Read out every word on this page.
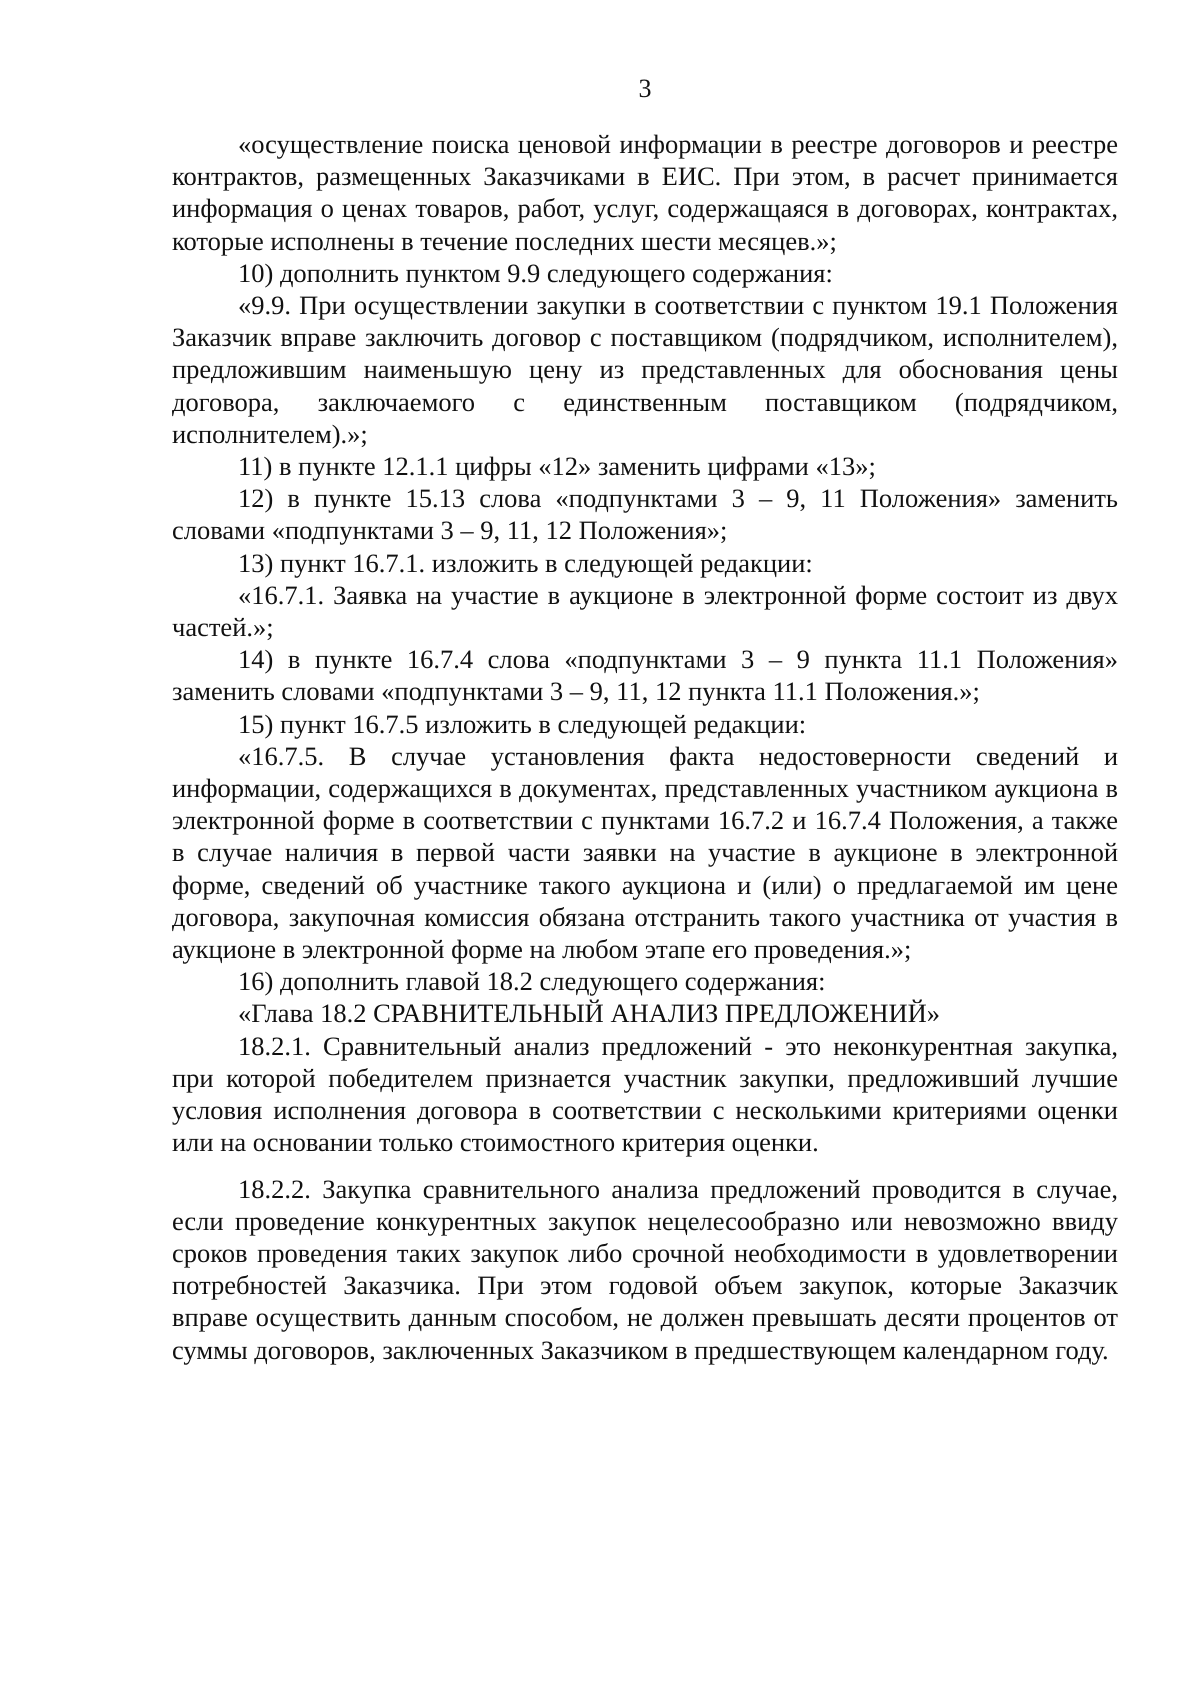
3

«осуществление поиска ценовой информации в реестре договоров и реестре контрактов, размещенных Заказчиками в ЕИС. При этом, в расчет принимается информация о ценах товаров, работ, услуг, содержащаяся в договорах, контрактах, которые исполнены в течение последних шести месяцев.»;

10) дополнить пунктом 9.9 следующего содержания:

«9.9. При осуществлении закупки в соответствии с пунктом 19.1 Положения Заказчик вправе заключить договор с поставщиком (подрядчиком, исполнителем), предложившим наименьшую цену из представленных для обоснования цены договора, заключаемого с единственным поставщиком (подрядчиком, исполнителем).»;

11) в пункте 12.1.1 цифры «12» заменить цифрами «13»;

12) в пункте 15.13 слова «подпунктами 3 – 9, 11 Положения» заменить словами «подпунктами 3 – 9, 11, 12 Положения»;

13) пункт 16.7.1. изложить в следующей редакции:

«16.7.1. Заявка на участие в аукционе в электронной форме состоит из двух частей.»;

14) в пункте 16.7.4 слова «подпунктами 3 – 9 пункта 11.1 Положения» заменить словами «подпунктами 3 – 9, 11, 12 пункта 11.1 Положения.»;

15) пункт 16.7.5 изложить в следующей редакции:

«16.7.5. В случае установления факта недостоверности сведений и информации, содержащихся в документах, представленных участником аукциона в электронной форме в соответствии с пунктами 16.7.2 и 16.7.4 Положения, а также в случае наличия в первой части заявки на участие в аукционе в электронной форме, сведений об участнике такого аукциона и (или) о предлагаемой им цене договора, закупочная комиссия обязана отстранить такого участника от участия в аукционе в электронной форме на любом этапе его проведения.»;

16) дополнить главой 18.2 следующего содержания:

«Глава 18.2 СРАВНИТЕЛЬНЫЙ АНАЛИЗ ПРЕДЛОЖЕНИЙ»

18.2.1. Сравнительный анализ предложений - это неконкурентная закупка, при которой победителем признается участник закупки, предложивший лучшие условия исполнения договора в соответствии с несколькими критериями оценки или на основании только стоимостного критерия оценки.

18.2.2. Закупка сравнительного анализа предложений проводится в случае, если проведение конкурентных закупок нецелесообразно или невозможно ввиду сроков проведения таких закупок либо срочной необходимости в удовлетворении потребностей Заказчика. При этом годовой объем закупок, которые Заказчик вправе осуществить данным способом, не должен превышать десяти процентов от суммы договоров, заключенных Заказчиком в предшествующем календарном году.
